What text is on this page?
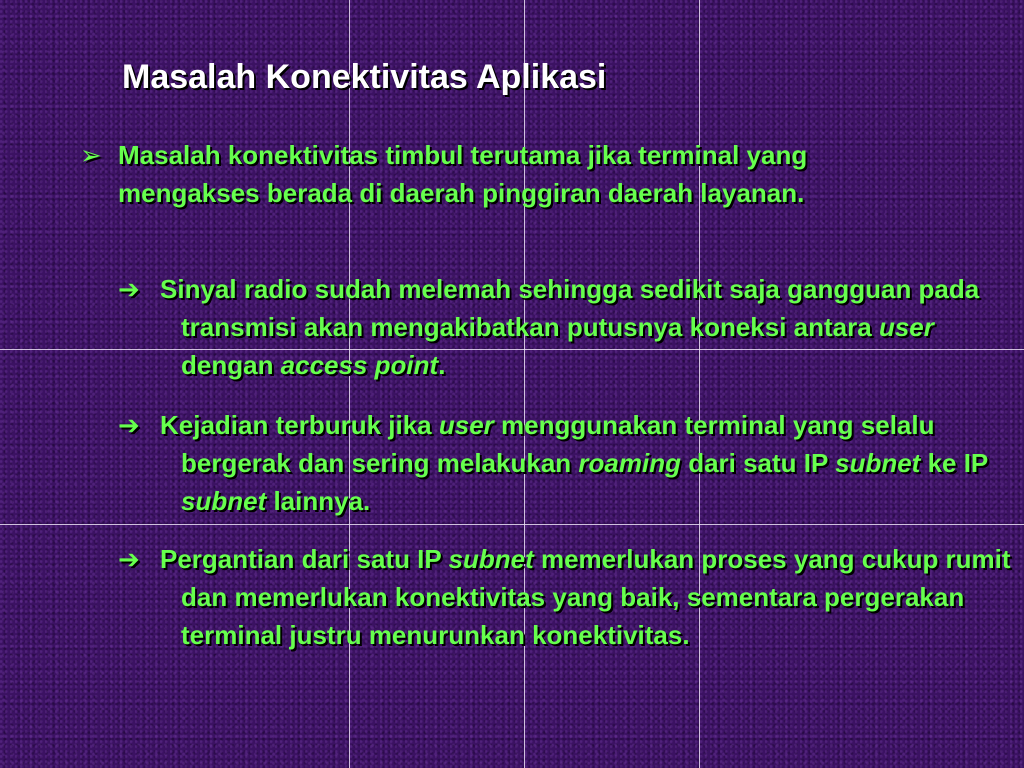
Masalah Konektivitas Aplikasi
➢ Masalah konektivitas timbul terutama jika terminal yang mengakses berada di daerah pinggiran daerah layanan.
➔ Sinyal radio sudah melemah sehingga sedikit saja gangguan pada transmisi akan mengakibatkan putusnya koneksi antara user dengan access point.
➔ Kejadian terburuk jika user menggunakan terminal yang selalu bergerak dan sering melakukan roaming dari satu IP subnet ke IP subnet lainnya.
➔ Pergantian dari satu IP subnet memerlukan proses yang cukup rumit dan memerlukan konektivitas yang baik, sementara pergerakan terminal justru menurunkan konektivitas.
